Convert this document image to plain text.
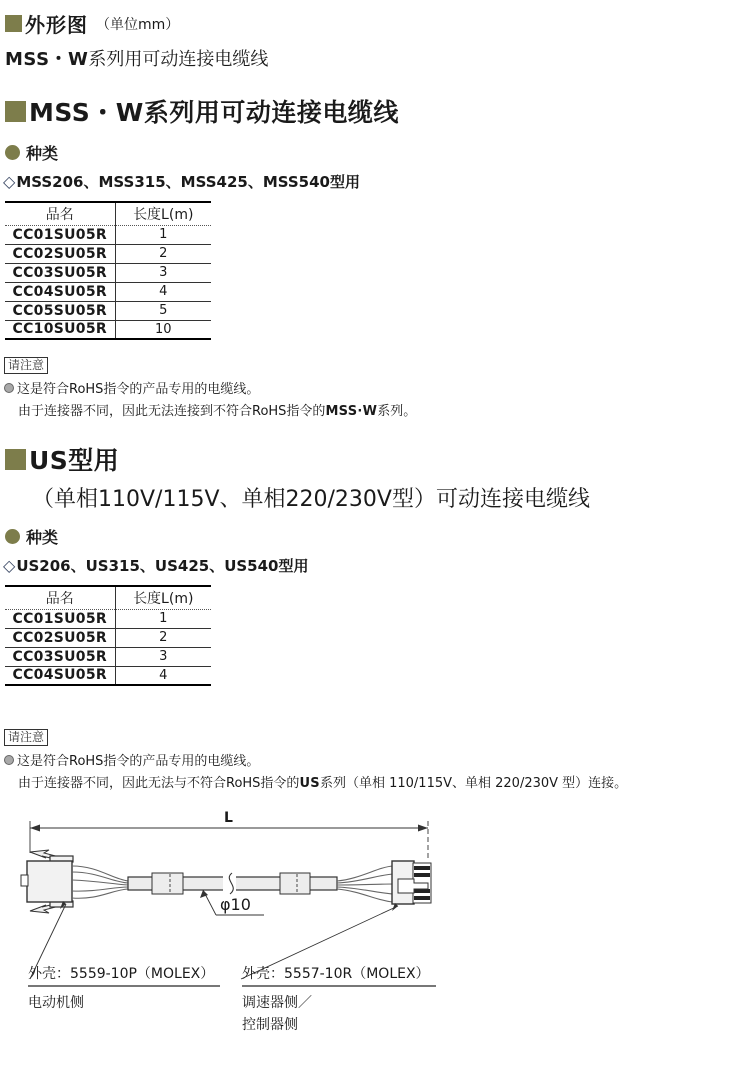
外形图 （单位mm）
MSS・W系列用可动连接电缆线
MSS・W系列用可动连接电缆线
种类
◇MSS206、MSS315、MSS425、MSS540型用
品名	长度L(m)
CC01SU05R	1
CC02SU05R	2
CC03SU05R	3
CC04SU05R	4
CC05SU05R	5
CC10SU05R	10
请注意
这是符合RoHS指令的产品专用的电缆线。
由于连接器不同，因此无法连接到不符合RoHS指令的MSS·W系列。
US型用
（单相110V/115V、单相220/230V型）可动连接电缆线
种类
◇US206、US315、US425、US540型用
品名	长度L(m)
CC01SU05R	1
CC02SU05R	2
CC03SU05R	3
CC04SU05R	4
请注意
这是符合RoHS指令的产品专用的电缆线。
由于连接器不同，因此无法与不符合RoHS指令的US系列（单相 110/115V、单相 220/230V 型）连接。
L
φ10
外壳：5559-10P（MOLEX）
电动机侧
外壳：5557-10R（MOLEX）
调速器侧／
控制器侧
